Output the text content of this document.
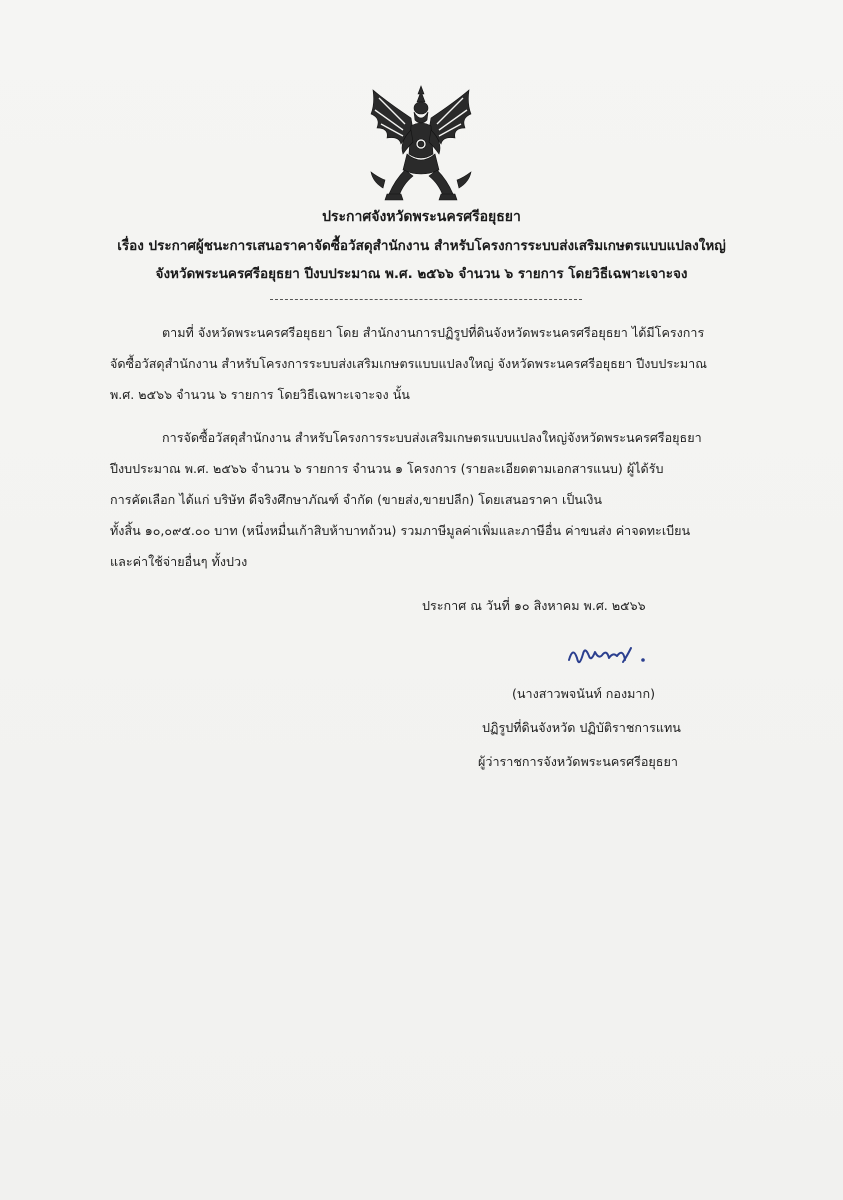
ประกาศจังหวัดพระนครศรีอยุธยา
เรื่อง ประกาศผู้ชนะการเสนอราคาจัดซื้อวัสดุสำนักงาน สำหรับโครงการระบบส่งเสริมเกษตรแบบแปลงใหญ่
จังหวัดพระนครศรีอยุธยา ปีงบประมาณ พ.ศ. ๒๕๖๖ จำนวน ๖ รายการ โดยวิธีเฉพาะเจาะจง
ตามที่ จังหวัดพระนครศรีอยุธยา โดย สำนักงานการปฏิรูปที่ดินจังหวัดพระนครศรีอยุธยา ได้มีโครงการ
จัดซื้อวัสดุสำนักงาน สำหรับโครงการระบบส่งเสริมเกษตรแบบแปลงใหญ่ จังหวัดพระนครศรีอยุธยา ปีงบประมาณ
พ.ศ. ๒๕๖๖ จำนวน ๖ รายการ โดยวิธีเฉพาะเจาะจง นั้น
การจัดซื้อวัสดุสำนักงาน สำหรับโครงการระบบส่งเสริมเกษตรแบบแปลงใหญ่จังหวัดพระนครศรีอยุธยา
ปีงบประมาณ พ.ศ. ๒๕๖๖ จำนวน ๖ รายการ จำนวน ๑ โครงการ (รายละเอียดตามเอกสารแนบ) ผู้ได้รับ
การคัดเลือก ได้แก่ บริษัท ดีจริงศึกษาภัณฑ์ จำกัด (ขายส่ง,ขายปลีก) โดยเสนอราคา เป็นเงิน
ทั้งสิ้น ๑๐,๐๙๕.๐๐ บาท (หนึ่งหมื่นเก้าสิบห้าบาทถ้วน) รวมภาษีมูลค่าเพิ่มและภาษีอื่น ค่าขนส่ง ค่าจดทะเบียน
และค่าใช้จ่ายอื่นๆ ทั้งปวง
ประกาศ ณ วันที่ ๑๐ สิงหาคม พ.ศ. ๒๕๖๖
(นางสาวพจนันท์ กองมาก)
ปฏิรูปที่ดินจังหวัด ปฏิบัติราชการแทน
ผู้ว่าราชการจังหวัดพระนครศรีอยุธยา
